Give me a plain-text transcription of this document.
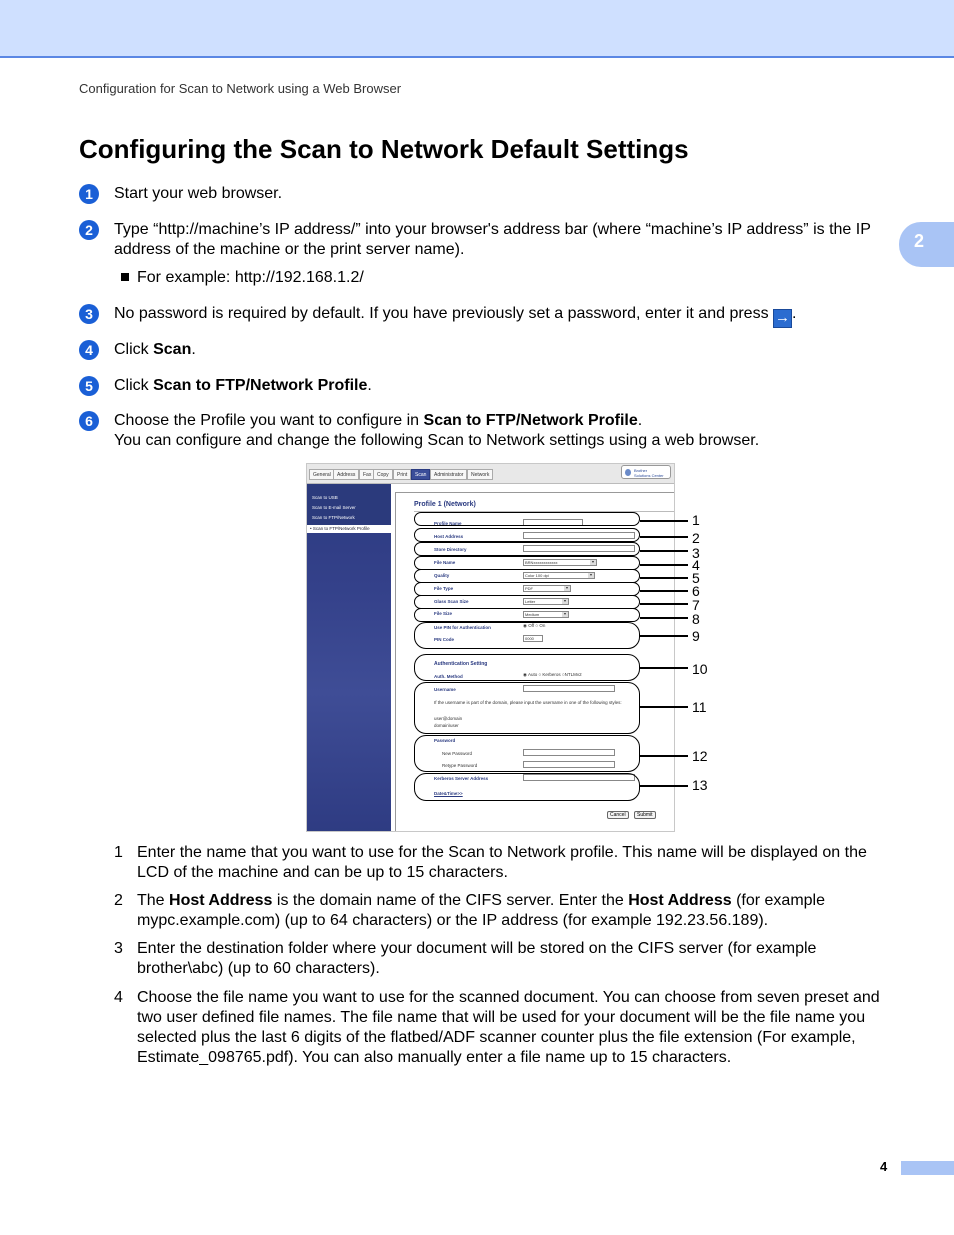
Configuration for Scan to Network using a Web Browser
2
Configuring the Scan to Network Default Settings
1	Start your web browser.
2	Type “http://machine’s IP address/” into your browser's address bar (where “machine’s IP address” is the IP address of the machine or the print server name).
For example: http://192.168.1.2/
3	No password is required by default. If you have previously set a password, enter it and press → .
4	Click Scan.
5	Click Scan to FTP/Network Profile.
6	Choose the Profile you want to configure in Scan to FTP/Network Profile.
You can configure and change the following Scan to Network settings using a web browser.
General	Address	Fax	Copy	Print	Scan	Administrator	Network
Brother
Solutions Center
Scan to USB
Scan to E-mail Server
Scan to FTP/Network
• Scan to FTP/Network Profile
Profile 1 (Network)
Profile Name
Host Address
Store Directory
File Name	BRNxxxxxxxxxxxx ▼
Quality	Color 100 dpi ▼
File Type	PDF ▼
Glass Scan Size	Letter ▼
File Size	Medium ▼
Use PIN for Authentication	◉ Off ○ On
PIN Code	0000
Authentication Setting
Auth. Method	◉ Auto ○ Kerberos ○NTLMv2
Username
If the username is part of the domain, please input the username in one of the following styles:
user@domain
domain\user
Password
New Password
Retype Password
Kerberos Server Address
Date&Time>>
Cancel	Submit
1
2
3
4
5
6
7
8
9
10
11
12
13
1 Enter the name that you want to use for the Scan to Network profile. This name will be displayed on the LCD of the machine and can be up to 15 characters.
2 The Host Address is the domain name of the CIFS server. Enter the Host Address (for example mypc.example.com) (up to 64 characters) or the IP address (for example 192.23.56.189).
3 Enter the destination folder where your document will be stored on the CIFS server (for example brother\abc) (up to 60 characters).
4 Choose the file name you want to use for the scanned document. You can choose from seven preset and two user defined file names. The file name that will be used for your document will be the file name you selected plus the last 6 digits of the flatbed/ADF scanner counter plus the file extension (For example, Estimate_098765.pdf). You can also manually enter a file name up to 15 characters.
4
